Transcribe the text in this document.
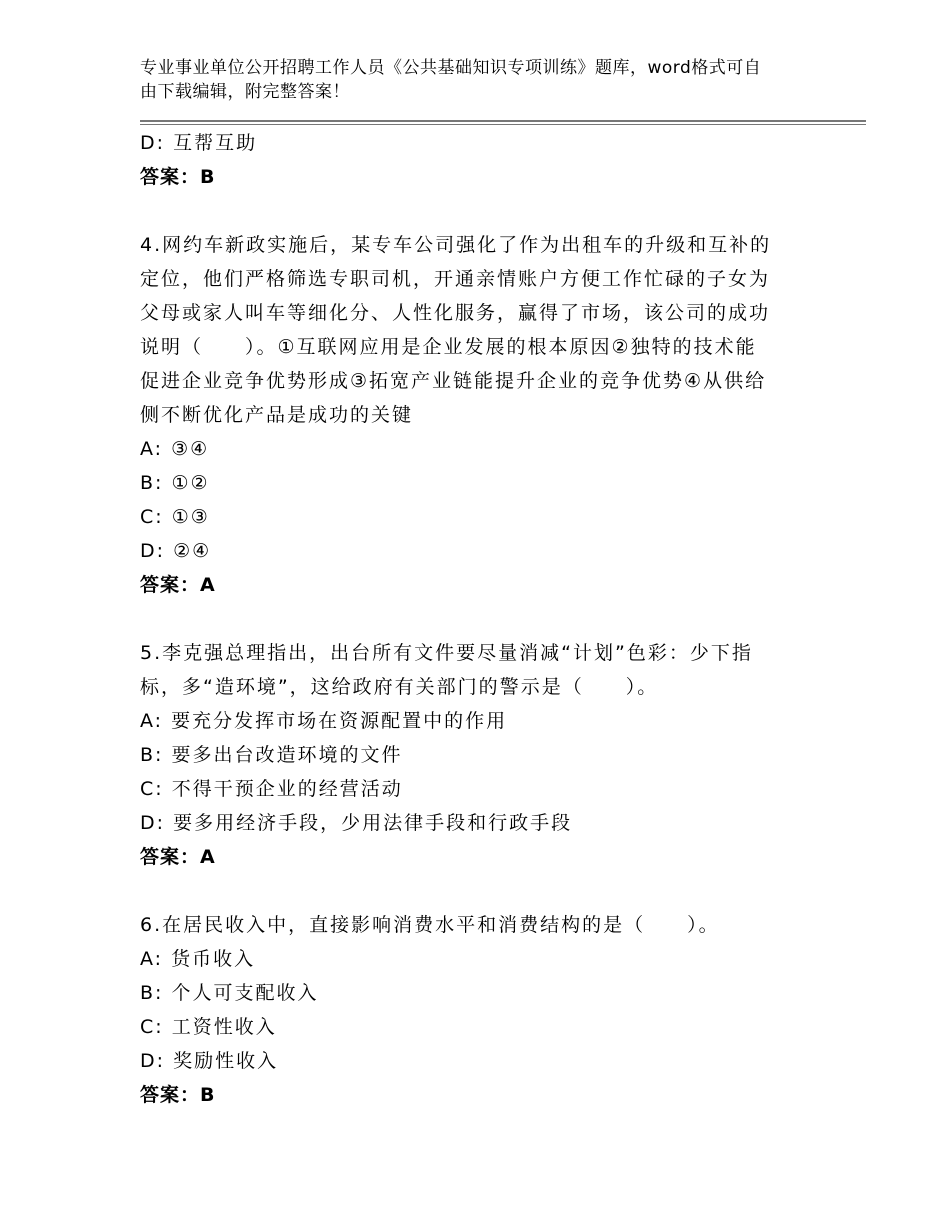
专业事业单位公开招聘工作人员《公共基础知识专项训练》题库，word格式可自
由下载编辑，附完整答案！
D: 互帮互助
答案：B
4.网约车新政实施后，某专车公司强化了作为出租车的升级和互补的
定位，他们严格筛选专职司机，开通亲情账户方便工作忙碌的子女为
父母或家人叫车等细化分、人性化服务，赢得了市场，该公司的成功
说明（　　）。①互联网应用是企业发展的根本原因②独特的技术能
促进企业竞争优势形成③拓宽产业链能提升企业的竞争优势④从供给
侧不断优化产品是成功的关键
A: ③④
B: ①②
C: ①③
D: ②④
答案：A
5.李克强总理指出，出台所有文件要尽量消减“计划”色彩：少下指
标，多“造环境”，这给政府有关部门的警示是（　　）。
A: 要充分发挥市场在资源配置中的作用
B: 要多出台改造环境的文件
C: 不得干预企业的经营活动
D: 要多用经济手段，少用法律手段和行政手段
答案：A
6.在居民收入中，直接影响消费水平和消费结构的是（　　）。
A: 货币收入
B: 个人可支配收入
C: 工资性收入
D: 奖励性收入
答案：B
